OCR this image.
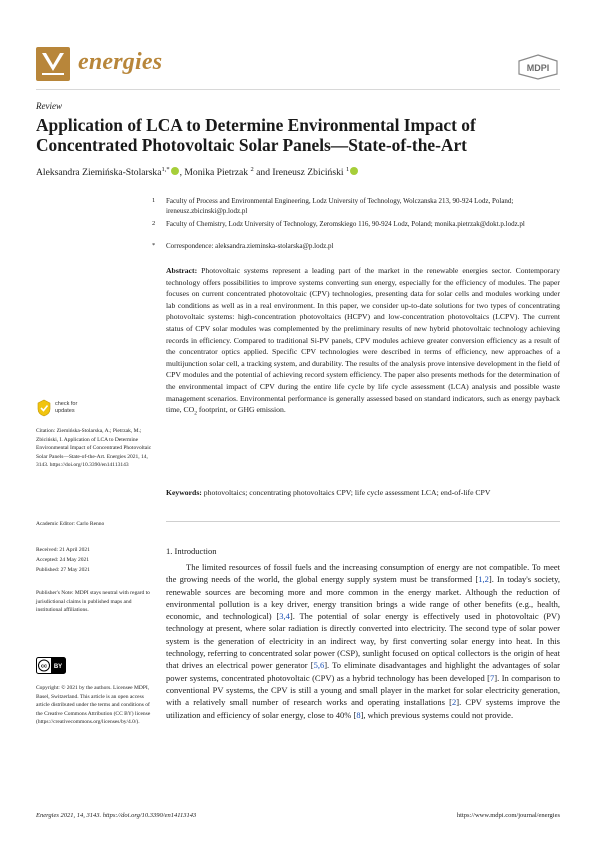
energies	MDPI
Review
Application of LCA to Determine Environmental Impact of Concentrated Photovoltaic Solar Panels—State-of-the-Art
Aleksandra Ziemińska-Stolarska$^{1,*}$ , Monika Pietrzak $^2$ and Ireneusz Zbiciński $^1$
1 Faculty of Process and Environmental Engineering, Lodz University of Technology, Wolczanska 213, 90-924 Lodz, Poland; ireneusz.zbicinski@p.lodz.pl
2 Faculty of Chemistry, Lodz University of Technology, Zeromskiego 116, 90-924 Lodz, Poland; monika.pietrzak@dokt.p.lodz.pl
* Correspondence: aleksandra.zieminska-stolarska@p.lodz.pl
Abstract: Photovoltaic systems represent a leading part of the market in the renewable energies sector. Contemporary technology offers possibilities to improve systems converting sun energy, especially for the efficiency of modules. The paper focuses on current concentrated photovoltaic (CPV) technologies, presenting data for solar cells and modules working under lab conditions as well as in a real environment. In this paper, we consider up-to-date solutions for two types of concentrating photovoltaic systems: high-concentration photovoltaics (HCPV) and low-concentration photovoltaics (LCPV). The current status of CPV solar modules was complemented by the preliminary results of new hybrid photovoltaic technology achieving records in efficiency. Compared to traditional Si-PV panels, CPV modules achieve greater conversion efficiency as a result of the concentrator optics applied. Specific CPV technologies were described in terms of efficiency, new approaches of a multijunction solar cell, a tracking system, and durability. The results of the analysis prove intensive development in the field of CPV modules and the potential of achieving record system efficiency. The paper also presents methods for the determination of the environmental impact of CPV during the entire life cycle by life cycle assessment (LCA) analysis and possible waste management scenarios. Environmental performance is generally assessed based on standard indicators, such as energy payback time, $CO_2$ footprint, or GHG emission.
Keywords: photovoltaics; concentrating photovoltaics CPV; life cycle assessment LCA; end-of-life CPV
check for
updates
Citation: Ziemińska-Stolarska, A.; Pietrzak, M.; Zbiciński, I. Application of LCA to Determine Environmental Impact of Concentrated Photovoltaic Solar Panels—State-of-the-Art. Energies 2021, 14, 3143. https://doi.org/10.3390/en14113143
Academic Editor: Carlo Renno
Received: 21 April 2021
Accepted: 24 May 2021
Published: 27 May 2021
Publisher's Note: MDPI stays neutral with regard to jurisdictional claims in published maps and institutional affiliations.
cc BY
Copyright: © 2021 by the authors. Licensee MDPI, Basel, Switzerland. This article is an open access article distributed under the terms and conditions of the Creative Commons Attribution (CC BY) license (https://creativecommons.org/licenses/by/4.0/).
1. Introduction

The limited resources of fossil fuels and the increasing consumption of energy are not compatible. To meet the growing needs of the world, the global energy supply system must be transformed [1,2]. In today's society, renewable sources are becoming more and more common in the energy market. Although the reduction of environmental pollution is a key driver, energy transition brings a wide range of other benefits (e.g., health, economic, and technological) [3,4]. The potential of solar energy is effectively used in photovoltaic (PV) technology at present, where solar radiation is directly converted into electricity. The second type of solar power system is the generation of electricity in an indirect way, by first converting solar energy into heat. In this technology, referring to concentrated solar power (CSP), sunlight focused on optical collectors is the origin of heat that drives an electrical power generator [5,6]. To eliminate disadvantages and highlight the advantages of solar power systems, concentrated photovoltaic (CPV) as a hybrid technology has been developed [7]. In comparison to conventional PV systems, the CPV is still a young and small player in the market for solar electricity generation, with a relatively small number of research works and operating installations [2]. CPV systems improve the utilization and efficiency of solar energy, close to 40% [8], which previous systems could not provide.

Energies 2021, 14, 3143. https://doi.org/10.3390/en14113143	https://www.mdpi.com/journal/energies
